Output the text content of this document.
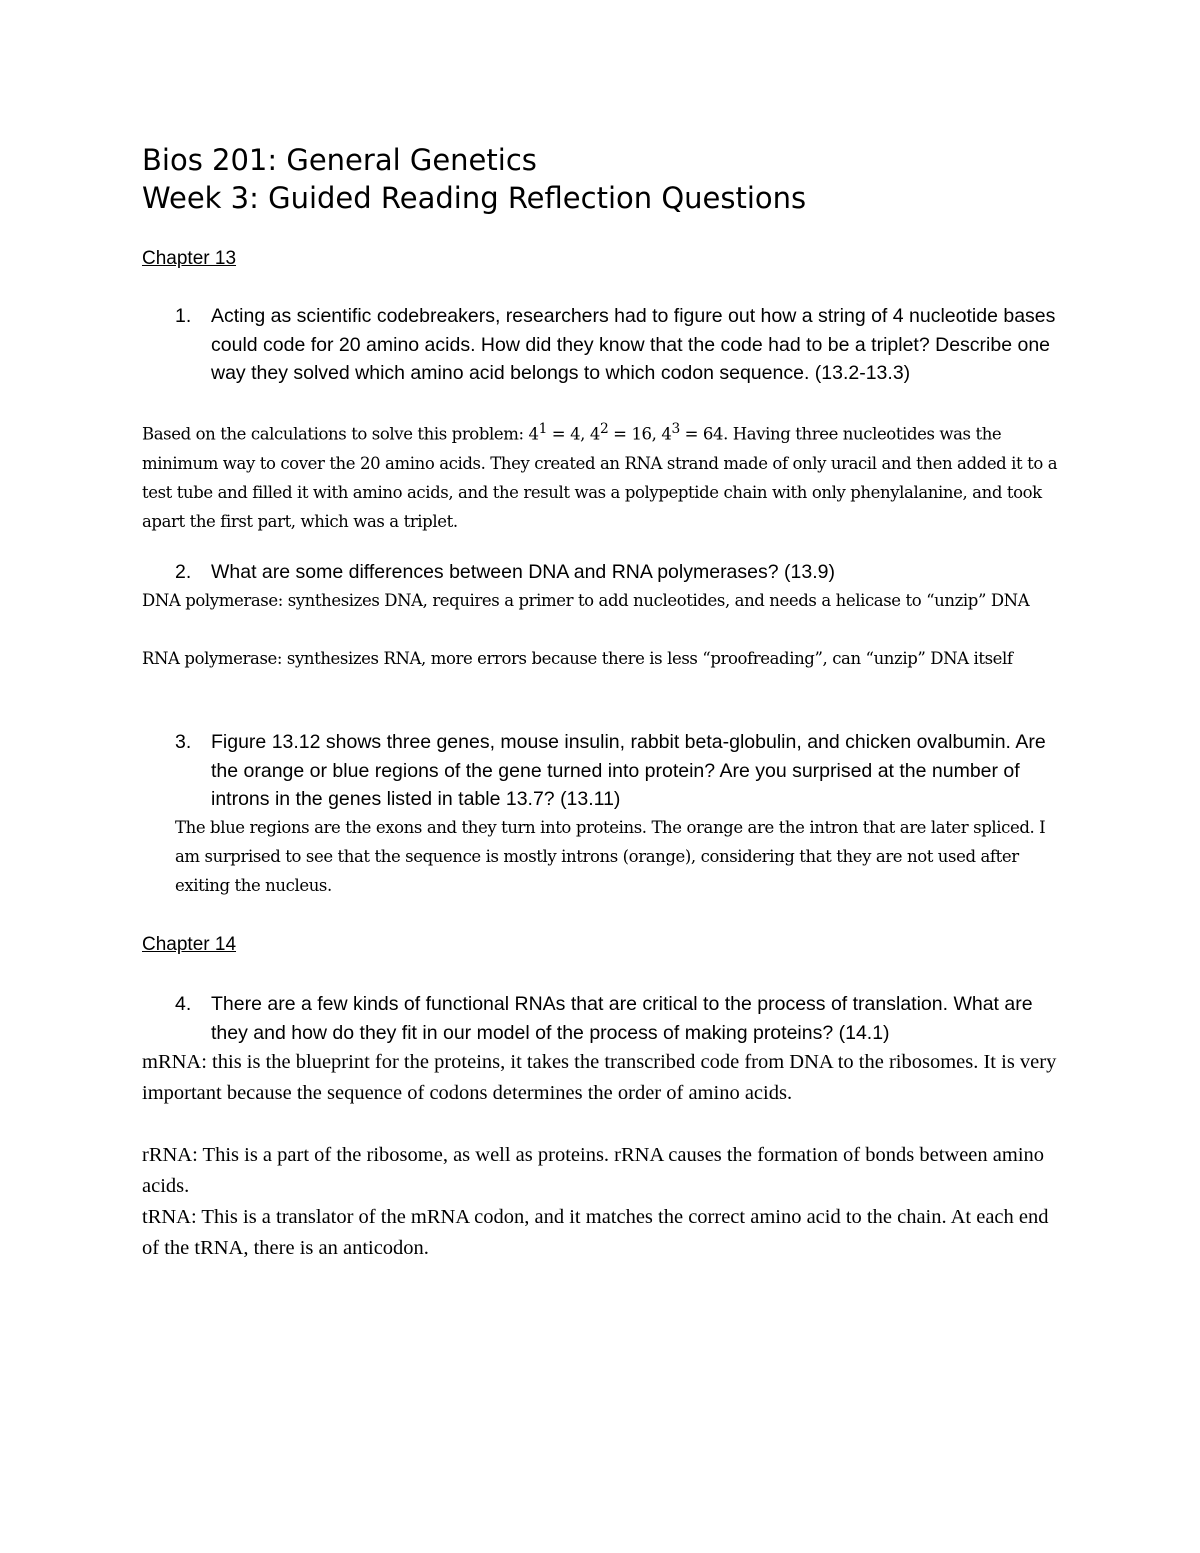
Bios 201: General Genetics
Week 3: Guided Reading Reflection Questions
Chapter 13
1. Acting as scientific codebreakers, researchers had to figure out how a string of 4 nucleotide bases could code for 20 amino acids. How did they know that the code had to be a triplet? Describe one way they solved which amino acid belongs to which codon sequence. (13.2-13.3)
Based on the calculations to solve this problem: $4^1 = 4$, $4^2 = 16$, $4^3 = 64$. Having three nucleotides was the minimum way to cover the 20 amino acids. They created an RNA strand made of only uracil and then added it to a test tube and filled it with amino acids, and the result was a polypeptide chain with only phenylalanine, and took apart the first part, which was a triplet.
2. What are some differences between DNA and RNA polymerases? (13.9)
DNA polymerase: synthesizes DNA, requires a primer to add nucleotides, and needs a helicase to “unzip” DNA
RNA polymerase: synthesizes RNA, more errors because there is less “proofreading”, can “unzip” DNA itself
3. Figure 13.12 shows three genes, mouse insulin, rabbit beta-globulin, and chicken ovalbumin. Are the orange or blue regions of the gene turned into protein? Are you surprised at the number of introns in the genes listed in table 13.7? (13.11)
The blue regions are the exons and they turn into proteins. The orange are the intron that are later spliced. I am surprised to see that the sequence is mostly introns (orange), considering that they are not used after exiting the nucleus.
Chapter 14
4. There are a few kinds of functional RNAs that are critical to the process of translation. What are they and how do they fit in our model of the process of making proteins? (14.1)
mRNA: this is the blueprint for the proteins, it takes the transcribed code from DNA to the ribosomes. It is very important because the sequence of codons determines the order of amino acids.
rRNA: This is a part of the ribosome, as well as proteins. rRNA causes the formation of bonds between amino acids.
tRNA: This is a translator of the mRNA codon, and it matches the correct amino acid to the chain. At each end of the tRNA, there is an anticodon.
